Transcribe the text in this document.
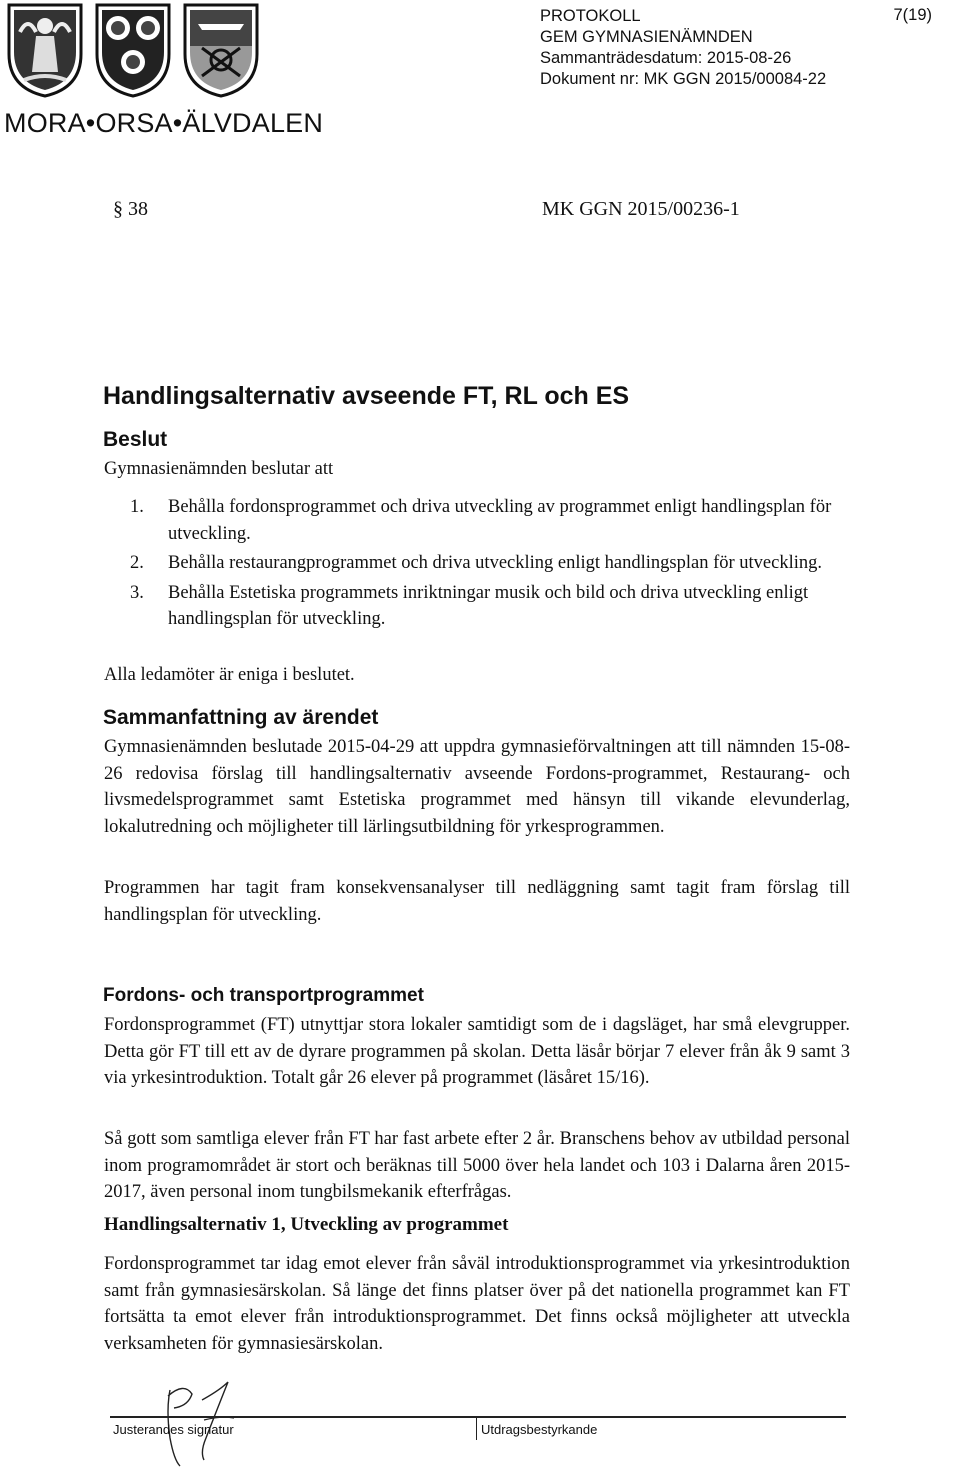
MORA•ORSA•ÄLVDALEN
PROTOKOLL
GEM GYMNASIENÄMNDEN
Sammanträdesdatum: 2015-08-26
Dokument nr: MK GGN 2015/00084-22
7(19)
§ 38	MK GGN 2015/00236-1
Handlingsalternativ avseende FT, RL och ES
Beslut
Gymnasienämnden beslutar att
1. Behålla fordonsprogrammet och driva utveckling av programmet enligt handlingsplan för utveckling.
2. Behålla restaurangprogrammet och driva utveckling enligt handlingsplan för utveckling.
3. Behålla Estetiska programmets inriktningar musik och bild och driva utveckling enligt handlingsplan för utveckling.
Alla ledamöter är eniga i beslutet.
Sammanfattning av ärendet

Gymnasienämnden beslutade 2015-04-29 att uppdra gymnasieförvaltningen att till nämnden 15-08-26 redovisa förslag till handlingsalternativ avseende Fordons-programmet, Restaurang- och livsmedelsprogrammet samt Estetiska programmet med hänsyn till vikande elevunderlag, lokalutredning och möjligheter till lärlingsutbildning för yrkesprogrammen.

Programmen har tagit fram konsekvensanalyser till nedläggning samt tagit fram förslag till handlingsplan för utveckling.

Fordons- och transportprogrammet

Fordonsprogrammet (FT) utnyttjar stora lokaler samtidigt som de i dagsläget, har små elevgrupper. Detta gör FT till ett av de dyrare programmen på skolan. Detta läsår börjar 7 elever från åk 9 samt 3 via yrkesintroduktion. Totalt går 26 elever på programmet (läsåret 15/16).

Så gott som samtliga elever från FT har fast arbete efter 2 år. Branschens behov av utbildad personal inom programområdet är stort och beräknas till 5000 över hela landet och 103 i Dalarna åren 2015-2017, även personal inom tungbilsmekanik efterfrågas.

Handlingsalternativ 1, Utveckling av programmet

Fordonsprogrammet tar idag emot elever från såväl introduktionsprogrammet via yrkesintroduktion samt från gymnasiesärskolan. Så länge det finns platser över på det nationella programmet kan FT fortsätta ta emot elever från introduktionsprogrammet. Det finns också möjligheter att utveckla verksamheten för gymnasiesärskolan.

Justerandes signatur	Utdragsbestyrkande
